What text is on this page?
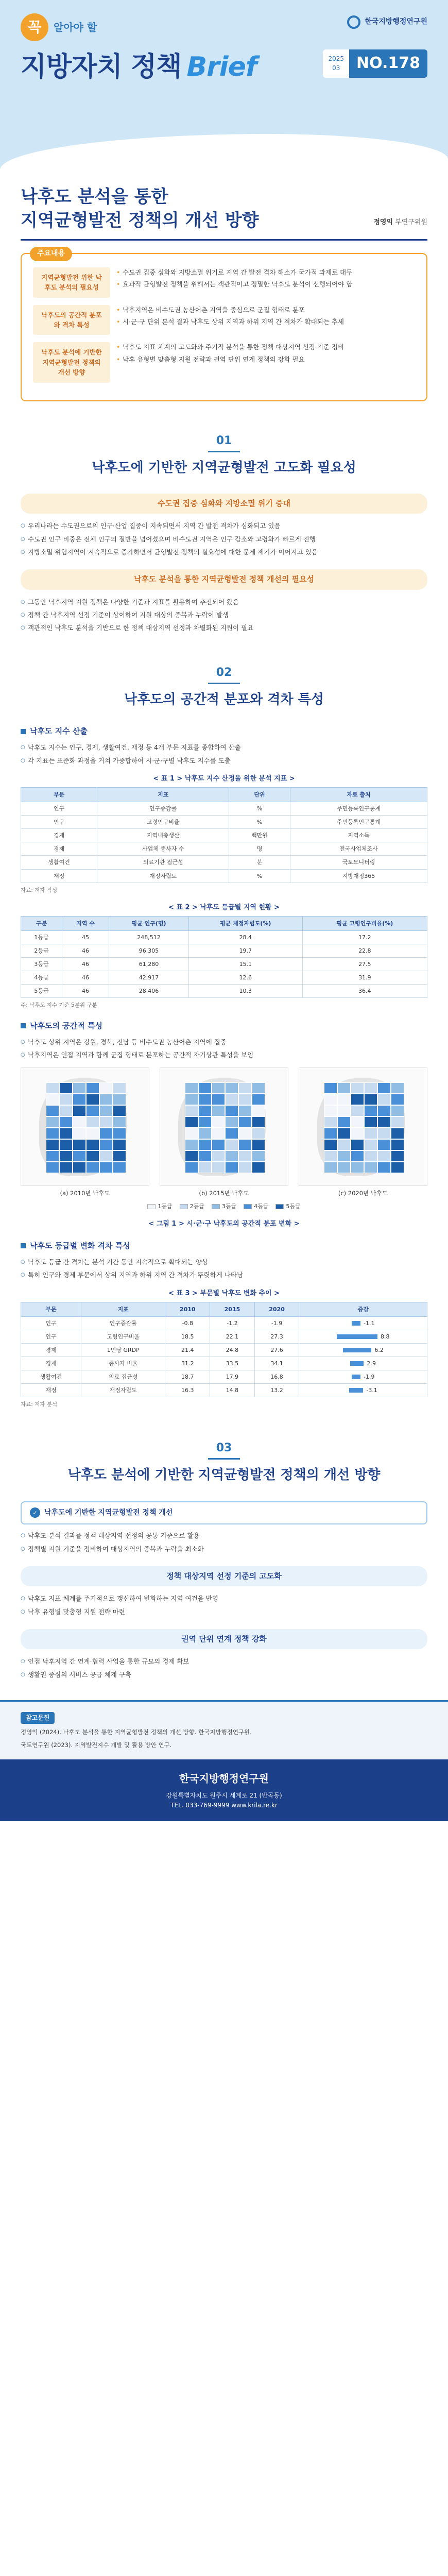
꼭 알아야 할
지방자치 정책 Brief
한국지방행정연구원
2025
03	NO.178
낙후도 분석을 통한
지역균형발전 정책의 개선 방향	정영익 부연구위원
주요내용
지역균형발전 위한 낙후도 분석의 필요성

• 수도권 집중 심화와 지방소멸 위기로 지역 간 발전 격차 해소가 국가적 과제로 대두

• 효과적 균형발전 정책을 위해서는 객관적이고 정밀한 낙후도 분석이 선행되어야 함

낙후도의 공간적 분포와 격차 특성

• 낙후지역은 비수도권 농산어촌 지역을 중심으로 군집 형태로 분포

• 시·군·구 단위 분석 결과 낙후도 상위 지역과 하위 지역 간 격차가 확대되는 추세

낙후도 분석에 기반한 지역균형발전 정책의 개선 방향

• 낙후도 지표 체계의 고도화와 주기적 분석을 통한 정책 대상지역 선정 기준 정비

• 낙후 유형별 맞춤형 지원 전략과 권역 단위 연계 정책의 강화 필요

01
낙후도에 기반한 지역균형발전 고도화 필요성
수도권 집중 심화와 지방소멸 위기 증대
○ 우리나라는 수도권으로의 인구·산업 집중이 지속되면서 지역 간 발전 격차가 심화되고 있음
○ 수도권 인구 비중은 전체 인구의 절반을 넘어섰으며 비수도권 지역은 인구 감소와 고령화가 빠르게 진행
○ 지방소멸 위험지역이 지속적으로 증가하면서 균형발전 정책의 실효성에 대한 문제 제기가 이어지고 있음
낙후도 분석을 통한 지역균형발전 정책 개선의 필요성
○ 그동안 낙후지역 지원 정책은 다양한 기준과 지표를 활용하여 추진되어 왔음
○ 정책 간 낙후지역 선정 기준이 상이하여 지원 대상의 중복과 누락이 발생
○ 객관적인 낙후도 분석을 기반으로 한 정책 대상지역 선정과 차별화된 지원이 필요
02
낙후도의 공간적 분포와 격차 특성
낙후도 지수 산출
○ 낙후도 지수는 인구, 경제, 생활여건, 재정 등 4개 부문 지표를 종합하여 산출
○ 각 지표는 표준화 과정을 거쳐 가중합하여 시·군·구별 낙후도 지수를 도출
< 표 1 > 낙후도 지수 산정을 위한 분석 지표 >
부문	지표	단위	자료 출처
인구	인구증감률	%	주민등록인구통계
인구	고령인구비율	%	주민등록인구통계
경제	지역내총생산	백만원	지역소득
경제	사업체 종사자 수	명	전국사업체조사
생활여건	의료기관 접근성	분	국토모니터링
재정	재정자립도	%	지방재정365
자료: 저자 작성
< 표 2 > 낙후도 등급별 지역 현황 >
구분	지역 수	평균 인구(명)	평균 재정자립도(%)	평균 고령인구비율(%)
1등급	45	248,512	28.4	17.2
2등급	46	96,305	19.7	22.8
3등급	46	61,280	15.1	27.5
4등급	46	42,917	12.6	31.9
5등급	46	28,406	10.3	36.4
주: 낙후도 지수 기준 5분위 구분
낙후도의 공간적 특성
○ 낙후도 상위 지역은 강원, 경북, 전남 등 비수도권 농산어촌 지역에 집중
○ 낙후지역은 인접 지역과 함께 군집 형태로 분포하는 공간적 자기상관 특성을 보임
(a) 2010년 낙후도	(b) 2015년 낙후도	(c) 2020년 낙후도
1등급	2등급	3등급	4등급	5등급
< 그림 1 > 시·군·구 낙후도의 공간적 분포 변화 >
낙후도 등급별 변화 격차 특성
○ 낙후도 등급 간 격차는 분석 기간 동안 지속적으로 확대되는 양상
○ 특히 인구와 경제 부문에서 상위 지역과 하위 지역 간 격차가 뚜렷하게 나타남
< 표 3 > 부문별 낙후도 변화 추이 >
부문	지표	2010	2015	2020	증감
인구	인구증감률	-0.8	-1.2	-1.9	-1.1
인구	고령인구비율	18.5	22.1	27.3	8.8
경제	1인당 GRDP	21.4	24.8	27.6	6.2
경제	종사자 비율	31.2	33.5	34.1	2.9
생활여건	의료 접근성	18.7	17.9	16.8	-1.9
재정	재정자립도	16.3	14.8	13.2	-3.1
자료: 저자 분석
03
낙후도 분석에 기반한 지역균형발전 정책의 개선 방향
✓ 낙후도에 기반한 지역균형발전 정책 개선
○ 낙후도 분석 결과를 정책 대상지역 선정의 공통 기준으로 활용
○ 정책별 지원 기준을 정비하여 대상지역의 중복과 누락을 최소화
정책 대상지역 선정 기준의 고도화
○ 낙후도 지표 체계를 주기적으로 갱신하여 변화하는 지역 여건을 반영
○ 낙후 유형별 맞춤형 지원 전략 마련
권역 단위 연계 정책 강화
○ 인접 낙후지역 간 연계·협력 사업을 통한 규모의 경제 확보
○ 생활권 중심의 서비스 공급 체계 구축
참고문헌
정영익 (2024). 낙후도 분석을 통한 지역균형발전 정책의 개선 방향. 한국지방행정연구원.
국토연구원 (2023). 지역발전지수 개발 및 활용 방안 연구.
한국지방행정연구원
강원특별자치도 원주시 세계로 21 (반곡동)
TEL. 033-769-9999 www.krila.re.kr
